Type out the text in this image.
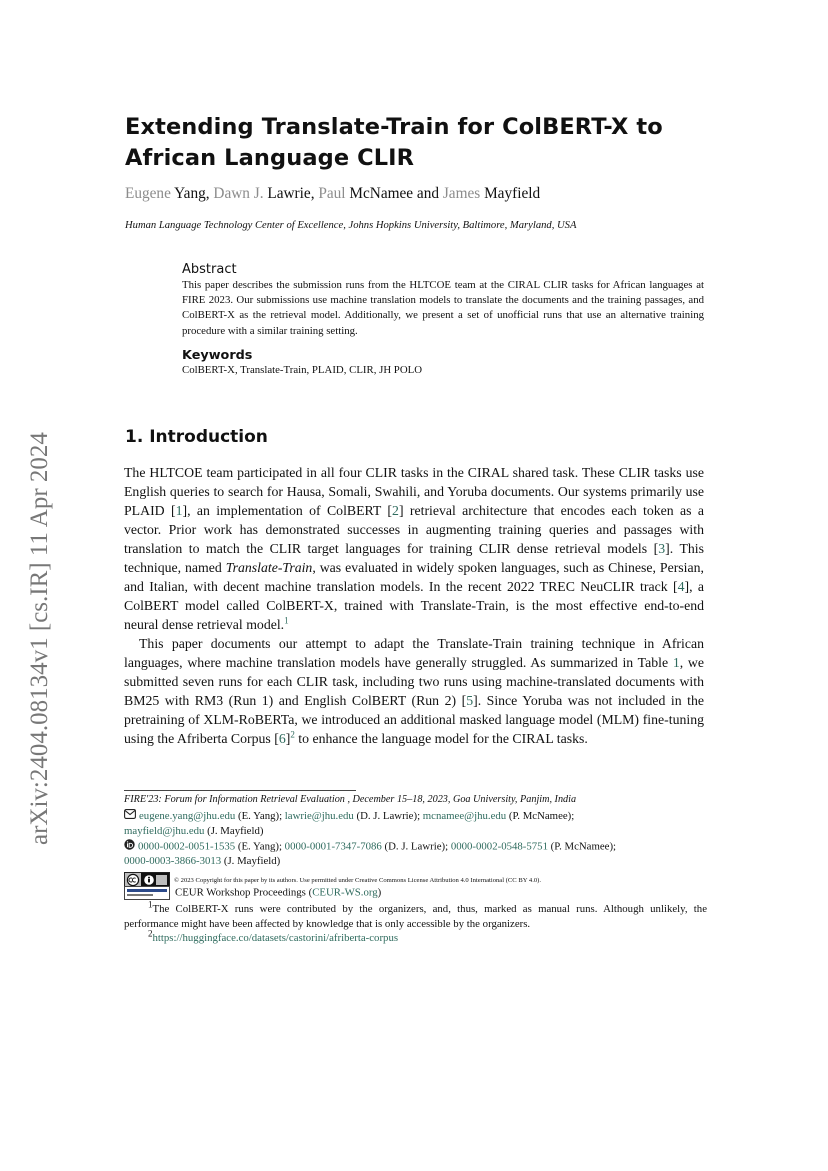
arXiv:2404.08134v1 [cs.IR] 11 Apr 2024
Extending Translate-Train for ColBERT-X to African Language CLIR
Eugene Yang, Dawn J. Lawrie, Paul McNamee and James Mayfield
Human Language Technology Center of Excellence, Johns Hopkins University, Baltimore, Maryland, USA
Abstract
This paper describes the submission runs from the HLTCOE team at the CIRAL CLIR tasks for African languages at FIRE 2023. Our submissions use machine translation models to translate the documents and the training passages, and ColBERT-X as the retrieval model. Additionally, we present a set of unofficial runs that use an alternative training procedure with a similar training setting.
Keywords
ColBERT-X, Translate-Train, PLAID, CLIR, JH POLO
1. Introduction
The HLTCOE team participated in all four CLIR tasks in the CIRAL shared task. These CLIR tasks use English queries to search for Hausa, Somali, Swahili, and Yoruba documents. Our systems primarily use PLAID [1], an implementation of ColBERT [2] retrieval architecture that encodes each token as a vector. Prior work has demonstrated successes in augmenting training queries and passages with translation to match the CLIR target languages for training CLIR dense retrieval models [3]. This technique, named Translate-Train, was evaluated in widely spoken languages, such as Chinese, Persian, and Italian, with decent machine translation models. In the recent 2022 TREC NeuCLIR track [4], a ColBERT model called ColBERT-X, trained with Translate-Train, is the most effective end-to-end neural dense retrieval model.$^1$
This paper documents our attempt to adapt the Translate-Train training technique in African languages, where machine translation models have generally struggled. As summarized in Table 1, we submitted seven runs for each CLIR task, including two runs using machine-translated documents with BM25 with RM3 (Run 1) and English ColBERT (Run 2) [5]. Since Yoruba was not included in the pretraining of XLM-RoBERTa, we introduced an additional masked language model (MLM) fine-tuning using the Afriberta Corpus $[6]^2$ to enhance the language model for the CIRAL tasks.
FIRE'23: Forum for Information Retrieval Evaluation , December 15–18, 2023, Goa University, Panjim, India
eugene.yang@jhu.edu (E. Yang); lawrie@jhu.edu (D. J. Lawrie); mcnamee@jhu.edu (P. McNamee);
mayfield@jhu.edu (J. Mayfield)
0000-0002-0051-1535 (E. Yang); 0000-0001-7347-7086 (D. J. Lawrie); 0000-0002-0548-5751 (P. McNamee);
0000-0003-3866-3013 (J. Mayfield)
© 2023 Copyright for this paper by its authors. Use permitted under Creative Commons License Attribution 4.0 International (CC BY 4.0).
CEUR Workshop Proceedings (CEUR-WS.org)
$^1$The ColBERT-X runs were contributed by the organizers, and, thus, marked as manual runs. Although unlikely, the performance might have been affected by knowledge that is only accessible by the organizers.
$^2$https://huggingface.co/datasets/castorini/afriberta-corpus
